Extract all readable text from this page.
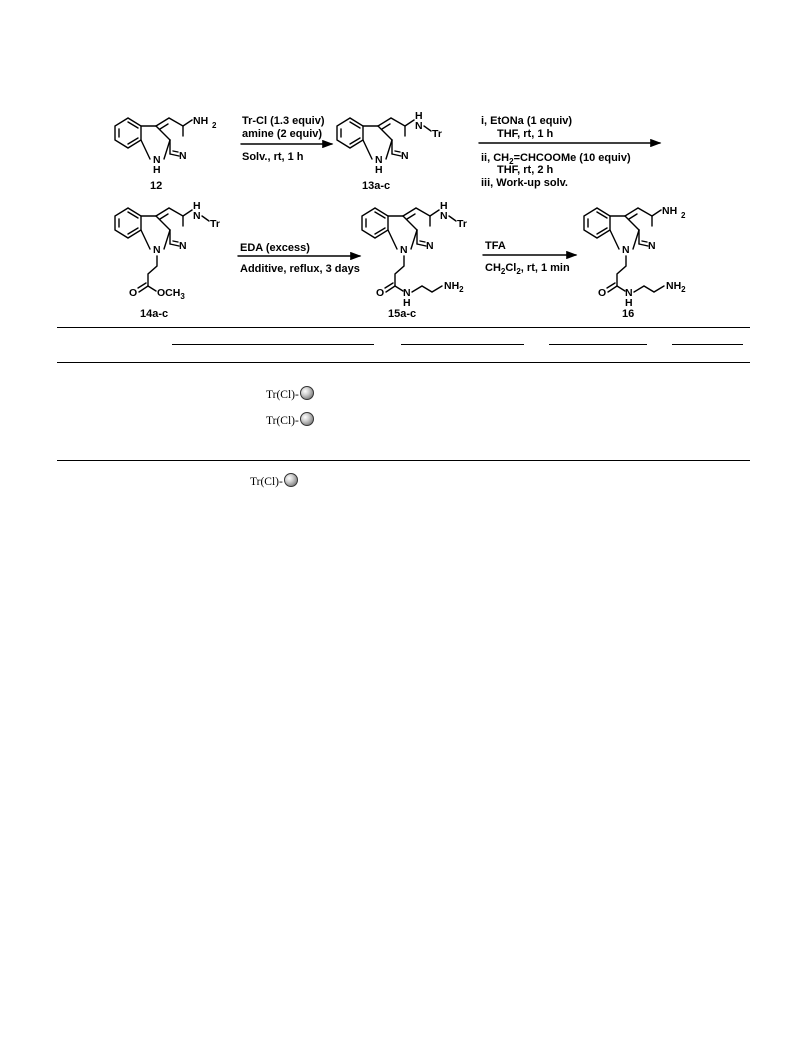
N
H
N
NH 2
12
Tr-Cl (1.3 equiv)
amine (2 equiv)
Solv., rt, 1 h	N
H
N
H
N
Tr
13a-c
i, EtONa (1 equiv)
THF, rt, 1 h
ii, $CH_2=CHCOOMe$ (10 equiv)
THF, rt, 2 h
iii, Work-up solv.
N N
H
N
Tr
O $OCH_3$
14a-c
EDA (excess)
Additive, reflux, 3 days
N N
H
N
Tr
O N
H
$NH_2$
15a-c
TFA
$CH_2Cl_2$, rt, 1 min
N N
NH 2
O N
H
$NH_2$
16
Tr(Cl)-
Tr(Cl)-
Tr(Cl)-
